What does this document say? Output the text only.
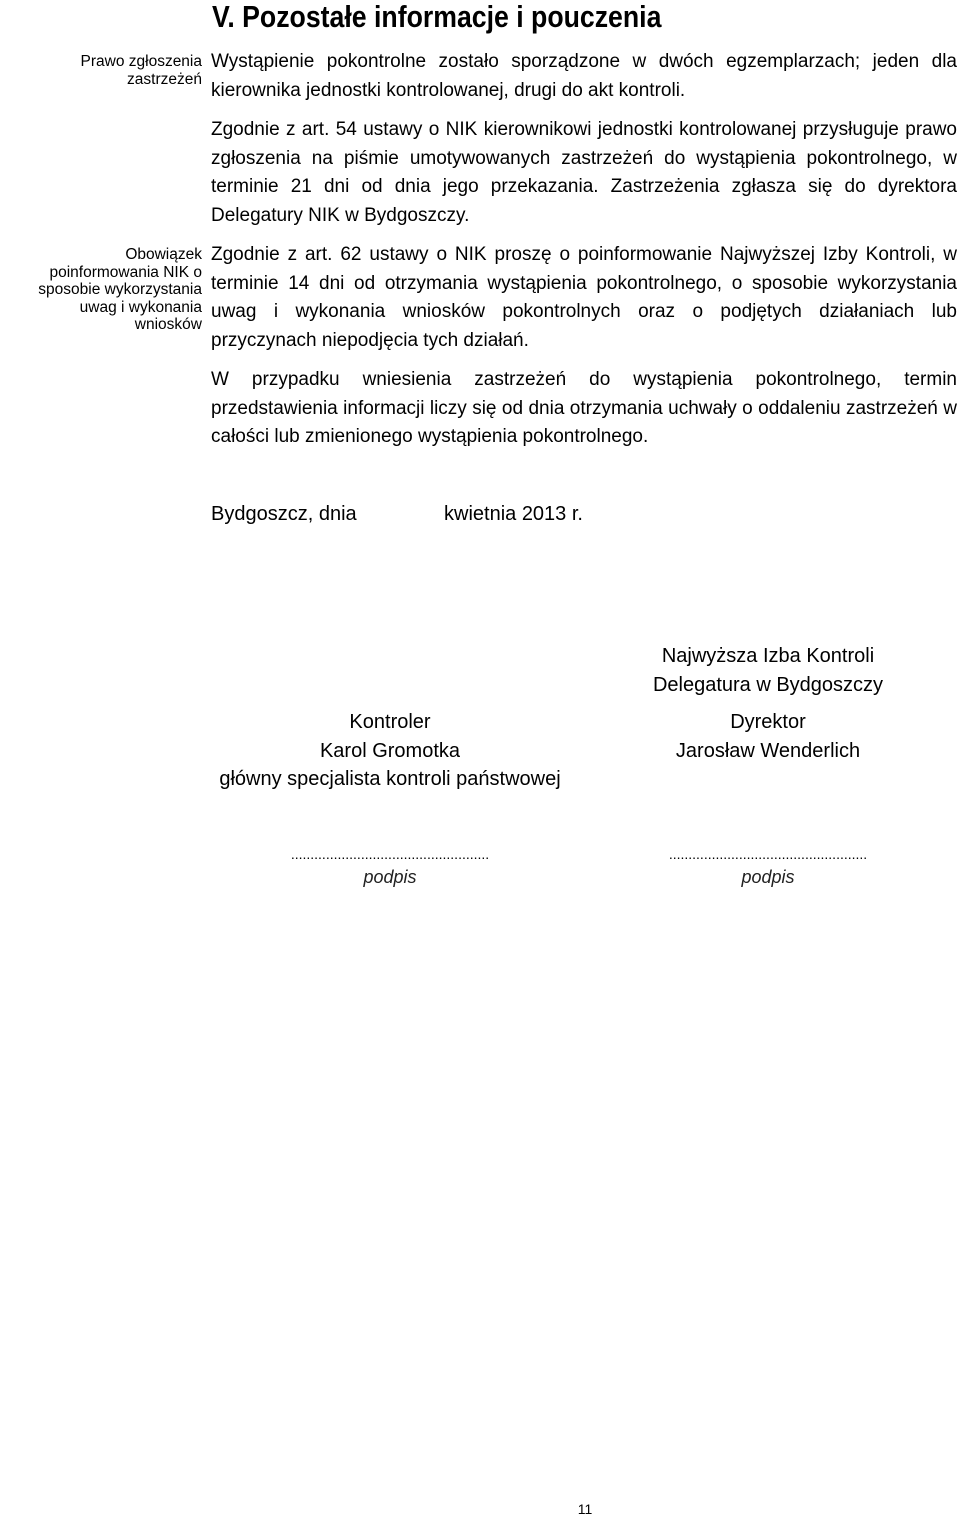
V. Pozostałe informacje i pouczenia
Prawo zgłoszenia zastrzeżeń
Obowiązek poinformowania NIK o sposobie wykorzystania uwag i wykonania wniosków

Wystąpienie pokontrolne zostało sporządzone w dwóch egzemplarzach; jeden dla kierownika jednostki kontrolowanej, drugi do akt kontroli.

Zgodnie z art. 54 ustawy o NIK kierownikowi jednostki kontrolowanej przysługuje prawo zgłoszenia na piśmie umotywowanych zastrzeżeń do wystąpienia pokontrolnego, w terminie 21 dni od dnia jego przekazania. Zastrzeżenia zgłasza się do dyrektora Delegatury NIK w Bydgoszczy.

Zgodnie z art. 62 ustawy o NIK proszę o poinformowanie Najwyższej Izby Kontroli, w terminie 14 dni od otrzymania wystąpienia pokontrolnego, o sposobie wykorzystania uwag i wykonania wniosków pokontrolnych oraz o podjętych działaniach lub przyczynach niepodjęcia tych działań.

W przypadku wniesienia zastrzeżeń do wystąpienia pokontrolnego, termin przedstawienia informacji liczy się od dnia otrzymania uchwały o oddaleniu zastrzeżeń w całości lub zmienionego wystąpienia pokontrolnego.

Bydgoszcz, dnia	kwietnia 2013 r.
Najwyższa Izba Kontroli
Delegatura w Bydgoszczy
Kontroler
Karol Gromotka
główny specjalista kontroli państwowej
Dyrektor
Jarosław Wenderlich
...................................................
podpis
...................................................
podpis
11
